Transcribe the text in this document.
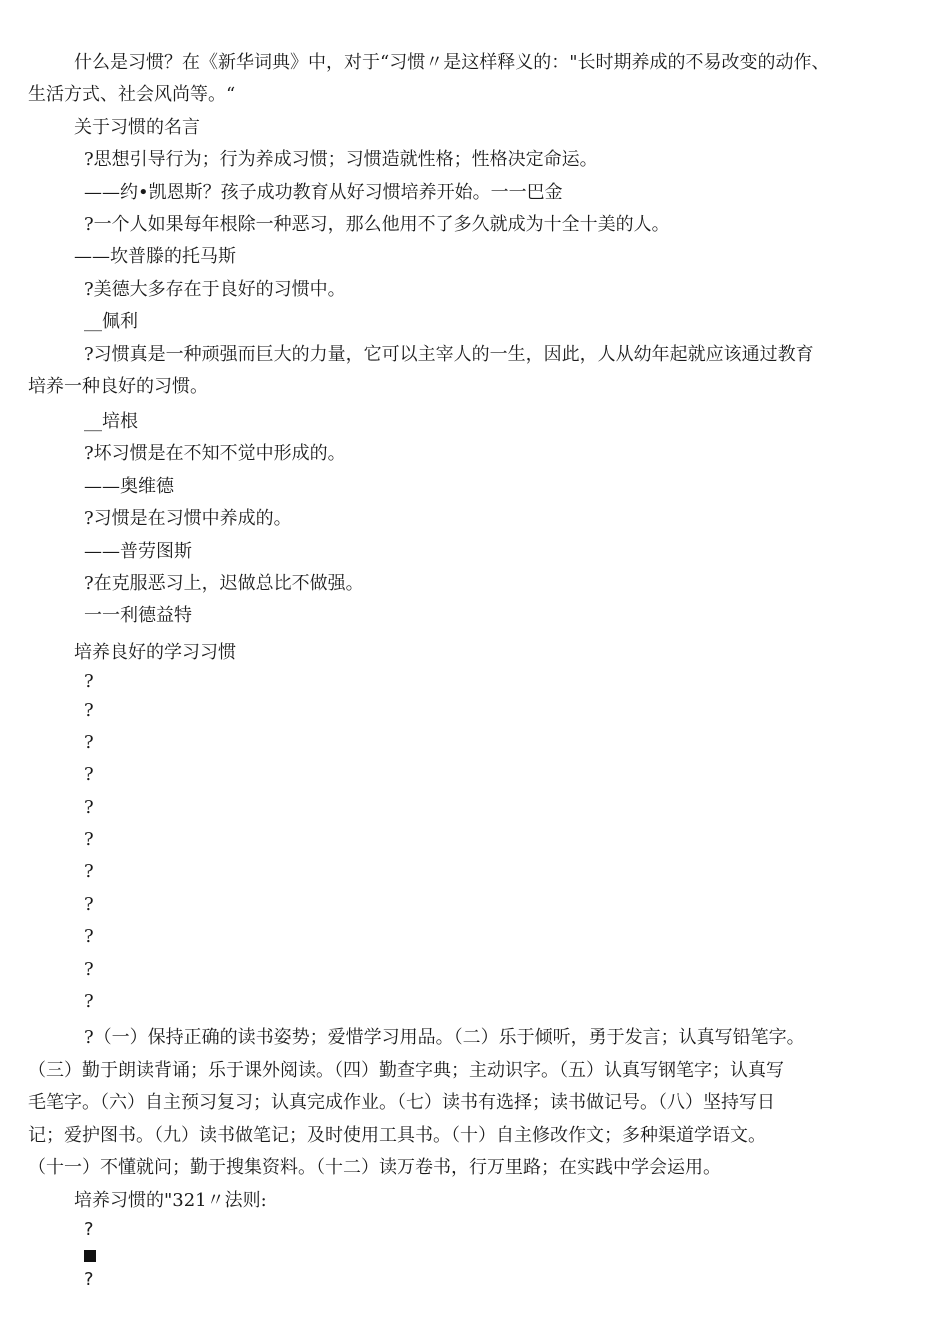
什么是习惯？在《新华词典》中，对于“习惯〃是这样释义的："长时期养成的不易改变的动作、
生活方式、社会风尚等。“
关于习惯的名言
?思想引导行为；行为养成习惯；习惯造就性格；性格决定命运。
——约•凯恩斯？孩子成功教育从好习惯培养开始。一一巴金
?一个人如果每年根除一种恶习，那么他用不了多久就成为十全十美的人。
——坎普滕的托马斯
?美德大多存在于良好的习惯中。
__佩利
?习惯真是一种顽强而巨大的力量，它可以主宰人的一生，因此，人从幼年起就应该通过教育
培养一种良好的习惯。
__培根
?坏习惯是在不知不觉中形成的。
——奥维德
?习惯是在习惯中养成的。
——普劳图斯
?在克服恶习上，迟做总比不做强。
一一利德益特
培养良好的学习习惯
?
?
?
?
?
?
?
?
?
?
?
?（一）保持正确的读书姿势；爱惜学习用品。（二）乐于倾听，勇于发言；认真写铅笔字。
（三）勤于朗读背诵；乐于课外阅读。（四）勤查字典；主动识字。（五）认真写钢笔字；认真写
毛笔字。（六）自主预习复习；认真完成作业。（七）读书有选择；读书做记号。（八）坚持写日
记；爱护图书。（九）读书做笔记；及时使用工具书。（十）自主修改作文；多种渠道学语文。
（十一）不懂就问；勤于搜集资料。（十二）读万卷书，行万里路；在实践中学会运用。
培养习惯的"321〃法则:
?
?
